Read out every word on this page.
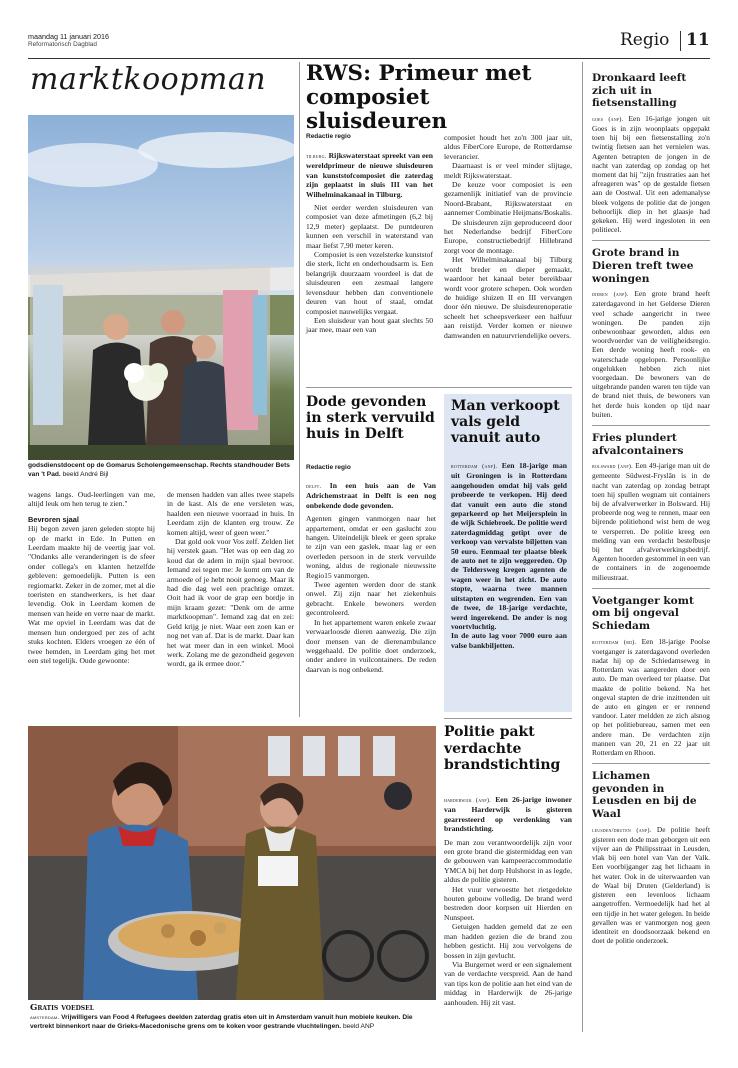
maandag 11 januari 2016
Reformatorisch Dagblad	Regio 11
marktkoopman
godsdienstdocent op de Gomarus Scholengemeenschap. Rechts standhouder Bets van 't Pad. beeld André Bijl

wagens langs. Oud-leerlingen van me, altijd leuk om hen terug te zien."

Bevroren sjaal

Hij begon zeven jaren geleden stopte hij op de markt in Ede. In Putten en Leerdam maakte hij de veertig jaar vol. "Ondanks alle veranderingen is de sfeer onder collega's en klanten hetzelfde gebleven: gemoedelijk. Putten is een regiomarkt. Zeker in de zomer, met al die toeristen en standwerkers, is het daar levendig. Ook in Leerdam komen de mensen van heide en verre naar de markt. Wat me opviel in Leerdam was dat de mensen hun ondergoed per zes of acht stuks kochten. Elders vroegen ze één of twee hemden, in Leerdam ging het met een stel tegelijk. Oude gewoonte:

de mensen hadden van alles twee stapels in de kast. Als de ene versleten was, haalden een nieuwe voorraad in huis. In Leerdam zijn de klanten erg trouw. Ze komen altijd, weer of geen weer."

Dat gold ook voor Vos zelf. Zelden liet hij verstek gaan. "Het was op een dag zo koud dat de adem in mijn sjaal bevroor. Iemand zei tegen me: Je komt om van de armoede of je hebt nooit genoeg. Maar ik had die dag wel een prachtige omzet. Ooit had ik voor de grap een bordje in mijn kraam gezet: "Denk om de arme marktkoopman". Iemand zag dat en zei: Geld krijg je niet. Waar een zoen kan er nog net van af. Dat is de markt. Daar kan het wat meer dan in een winkel. Mooi werk. Zolang me de gezondheid gegeven wordt, ga ik ermee door."

RWS: Primeur met composiet sluisdeuren
Redactie regio

tilburg. Rijkswaterstaat spreekt van een wereldprimeur de nieuwe sluisdeuren van kunststofcomposiet die zaterdag zijn geplaatst in sluis III van het Wilhelminakanaal in Tilburg.

Niet eerder werden sluisdeuren van composiet van deze afmetingen (6,2 bij 12,9 meter) geplaatst. De puntdeuren kunnen een verschil in waterstand van maar liefst 7,90 meter keren.

Composiet is een vezelsterke kunststof die sterk, licht en onderhoudsarm is. Een belangrijk duurzaam voordeel is dat de sluisdeuren een zesmaal langere levensduur hebben dan conventionele deuren van hout of staal, omdat composiet nauwelijks vergaat.

Een sluisdeur van hout gaat slechts 50 jaar mee, maar een van

composiet houdt het zo'n 300 jaar uit, aldus FiberCore Europe, de Rotterdamse leverancier.

Daarnaast is er veel minder slijtage, meldt Rijkswaterstaat.

De keuze voor composiet is een gezamenlijk initiatief van de provincie Noord-Brabant, Rijkswaterstaat en aannemer Combinatie Heijmans/Boskalis.

De sluisdeuren zijn geproduceerd door het Nederlandse bedrijf FiberCore Europe, constructiebedrijf Hillebrand zorgt voor de montage.

Het Wilhelminakanaal bij Tilburg wordt breder en dieper gemaakt, waardoor het kanaal beter bereikbaar wordt voor grotere schepen. Ook worden de huidige sluizen II en III vervangen door één nieuwe. De sluisdeurenoperatie scheelt het scheepsverkeer een halfuur aan reistijd. Verder komen er nieuwe damwanden en natuurvriendelijke oevers.

Dode gevonden in sterk vervuild huis in Delft
Redactie regio

delft. In een huis aan de Van Adrichemstraat in Delft is een nog onbekende dode gevonden.

Agenten gingen vanmorgen naar het appartement, omdat er een gaslucht zou hangen. Uiteindelijk bleek er geen sprake te zijn van een gaslek, maar lag er een overleden persoon in de sterk vervuilde woning, aldus de regionale nieuwssite Regio15 vanmorgen.

Twee agenten werden door de stank onwel. Zij zijn naar het ziekenhuis gebracht. Enkele bewoners werden gecontroleerd.

In het appartement waren enkele zwaar verwaarloosde dieren aanwezig. Die zijn door mensen van de dierenambulance weggehaald. De politie doet onderzoek, onder andere in vuilcontainers. De reden daarvan is nog onbekend.

Man verkoopt vals geld vanuit auto

rotterdam (anp). Een 18-jarige man uit Groningen is in Rotterdam aangehouden omdat hij vals geld probeerde te verkopen. Hij deed dat vanuit een auto die stond geparkeerd op het Meijersplein in de wijk Schiebroek. De politie werd zaterdagmiddag getipt over de verkoop van vervalste biljetten van 50 euro. Eenmaal ter plaatse bleek de auto net te zijn weggereden. Op de Teldersweg kregen agenten de wagen weer in het zicht. De auto stopte, waarna twee mannen uitstapten en wegrenden. Een van de twee, de 18-jarige verdachte, werd ingerekend. De ander is nog voortvluchtig.

In de auto lag voor 7000 euro aan valse bankbiljetten.

Gratis voedsel
amsterdam. Vrijwilligers van Food 4 Refugees deelden zaterdag gratis eten uit in Amsterdam vanuit hun mobiele keuken. Die vertrekt binnenkort naar de Grieks-Macedonische grens om te koken voor gestrande vluchtelingen. beeld ANP
Politie pakt verdachte brandstichting

harderwijk (anp). Een 26-jarige inwoner van Harderwijk is gisteren gearresteerd op verdenking van brandstichting.

De man zou verantwoordelijk zijn voor een grote brand die gistermiddag een van de gebouwen van kampeeraccommodatie YMCA bij het dorp Hulshorst in as legde, aldus de politie gisteren.

Het vuur verwoestte het rietgedekte houten gebouw volledig. De brand werd bestreden door korpsen uit Hierden en Nunspeet.

Getuigen hadden gemeld dat ze een man hadden gezien die de brand zou hebben gesticht. Hij zou vervolgens de bossen in zijn gevlucht.

Via Burgernet werd er een signalement van de verdachte verspreid. Aan de hand van tips kon de politie aan het eind van de middag in Harderwijk de 26-jarige aanhouden. Hij zit vast.

Dronkaard leeft zich uit in fietsenstalling
goes (anp). Een 16-jarige jongen uit Goes is in zijn woonplaats opgepakt toen hij bij een fietsenstalling zo'n twintig fietsen aan het vernielen was. Agenten betrapten de jongen in de nacht van zaterdag op zondag op het moment dat hij "zijn frustraties aan het afreageren was" op de gestalde fietsen aan de Oostwal. Uit een ademanalyse bleek volgens de politie dat de jongen behoorlijk diep in het glaasje had gekeken. Hij werd ingesloten in een politiecel.
Grote brand in Dieren treft twee woningen
dieren (anp). Een grote brand heeft zaterdagavond in het Gelderse Dieren veel schade aangericht in twee woningen. De panden zijn onbewoonbaar geworden, aldus een woordvoerder van de veiligheidsregio. Een derde woning heeft rook- en waterschade opgelopen. Persoonlijke ongelukken hebben zich niet voorgedaan. De bewoners van de uitgebrande panden waren ten tijde van de brand niet thuis, de bewoners van het derde huis konden op tijd naar buiten.
Fries plundert afvalcontainers
bolsward (anp). Een 49-jarige man uit de gemeente Südwest-Fryslân is in de nacht van zaterdag op zondag betrapt toen hij spullen wegnam uit containers bij de afvalverwerker in Bolsward. Hij probeerde nog weg te rennen, maar een bijrende politiehond wist hem de weg te versperren. De politie kreeg een melding van een verdacht bestelbusje bij het afvalverwerkingsbedrijf. Agenten hoorden gestommel in een van de containers in de zogenoemde milieustraat.
Voetganger komt om bij ongeval Schiedam
rotterdam (rd). Een 18-jarige Poolse voetganger is zaterdagavond overleden nadat hij op de Schiedamseweg in Rotterdam was aangereden door een auto. De man overleed ter plaatse. Dat maakte de politie bekend. Na het ongeval stapten de drie inzittenden uit de auto en gingen er er rennend vandoor. Later meldden ze zich alsnog op het politiebureau, samen met een andere man. De verdachten zijn mannen van 20, 21 en 22 jaar uit Rotterdam en Rhoon.
Lichamen gevonden in Leusden en bij de Waal
leusden/druten (anp). De politie heeft gisteren een dode man geborgen uit een vijver aan de Philipsstraat in Leusden, vlak bij een hotel van Van der Valk. Een voorbijganger zag het lichaam in het water. Ook in de uiterwaarden van de Waal bij Druten (Gelderland) is gisteren een levenloos lichaam aangetroffen. Vermoedelijk had het al een tijdje in het water gelegen. In beide gevallen was er vanmorgen nog geen identiteit en doodsoorzaak bekend en doet de politie onderzoek.
